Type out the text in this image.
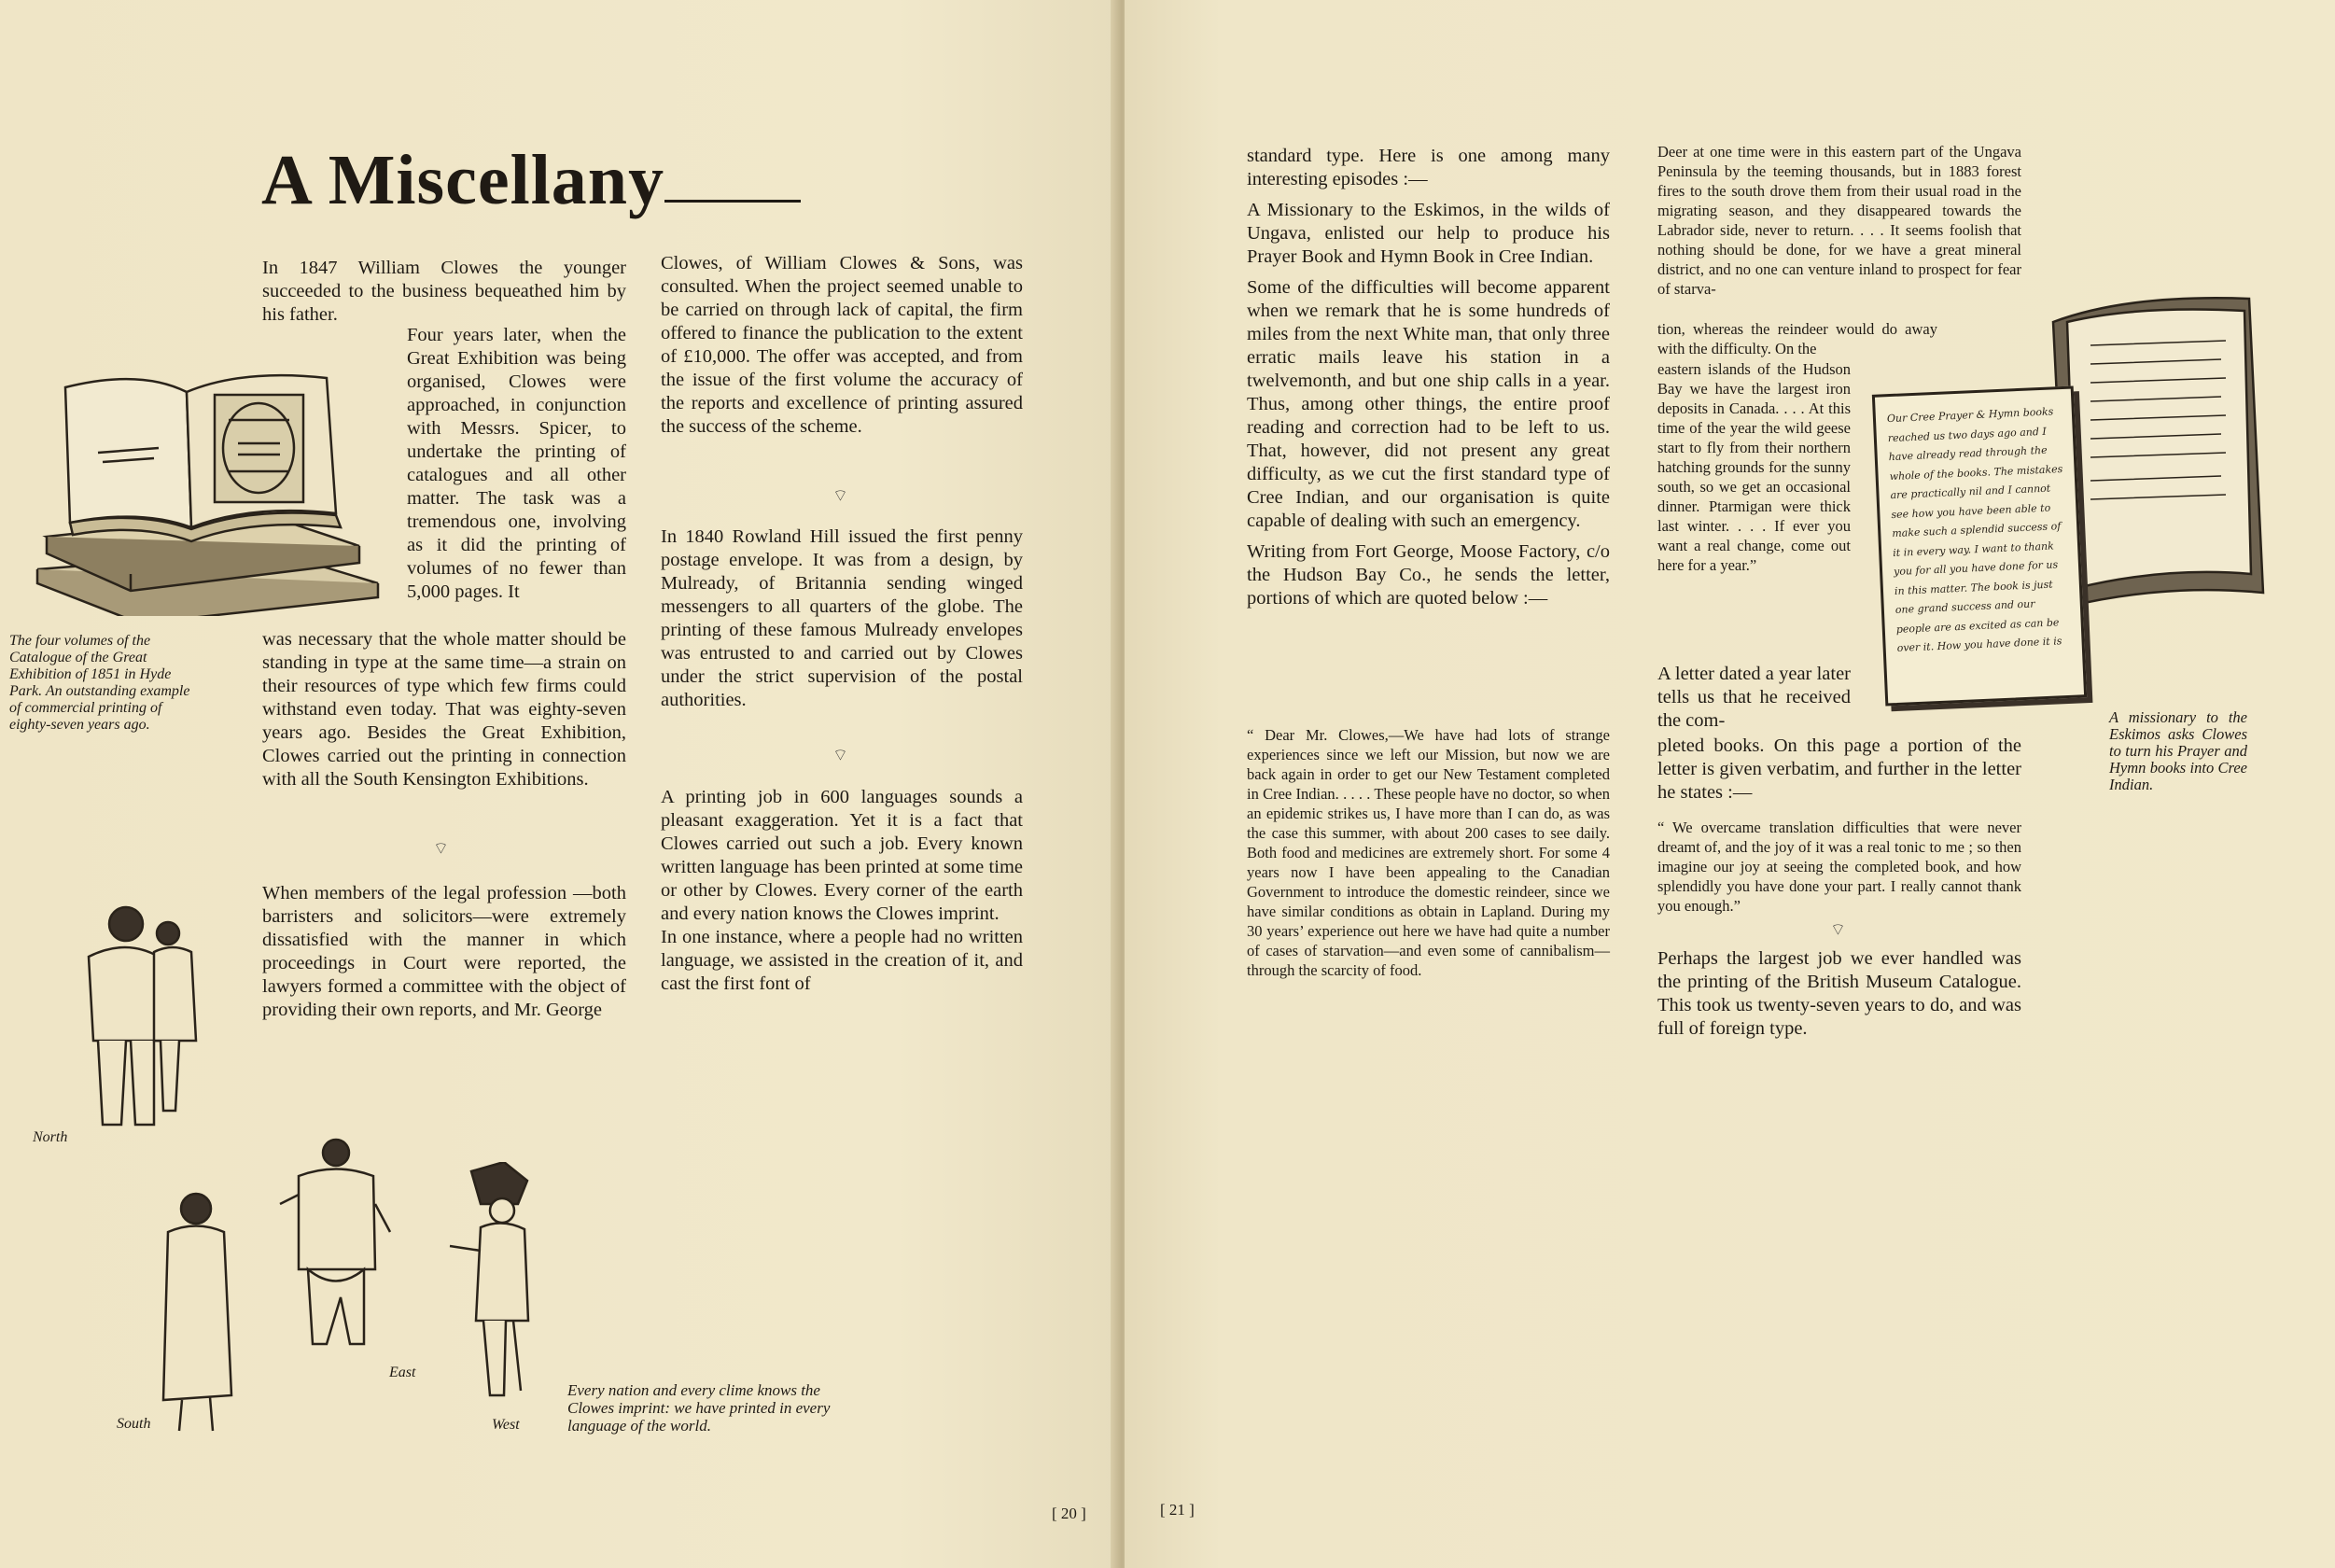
A Miscellany
The four volumes of the Catalogue of the Great Exhibition of 1851 in Hyde Park. An outstanding example of commercial printing of eighty-seven years ago.

In 1847 William Clowes the younger succeeded to the business bequeathed him by his father.

Four years later, when the Great Exhibition was being organised, Clowes were approached, in conjunction with Messrs. Spicer, to undertake the printing of catalogues and all other matter. The task was a tremendous one, involving as it did the printing of volumes of no fewer than 5,000 pages. It

was necessary that the whole matter should be standing in type at the same time—a strain on their resources of type which few firms could withstand even today. That was eighty-seven years ago. Besides the Great Exhibition, Clowes carried out the printing in connection with all the South Kensington Exhibitions.

⌔

When members of the legal profession —both barristers and solicitors—were extremely dissatisfied with the manner in which proceedings in Court were reported, the lawyers formed a committee with the object of providing their own reports, and Mr. George

Clowes, of William Clowes & Sons, was consulted. When the project seemed unable to be carried on through lack of capital, the firm offered to finance the publication to the extent of £10,000. The offer was accepted, and from the issue of the first volume the accuracy of the reports and excellence of printing assured the success of the scheme.

⌔

In 1840 Rowland Hill issued the first penny postage envelope. It was from a design, by Mulready, of Britannia sending winged messengers to all quarters of the globe. The printing of these famous Mulready envelopes was entrusted to and carried out by Clowes under the strict supervision of the postal authorities.

⌔

A printing job in 600 languages sounds a pleasant exaggeration. Yet it is a fact that Clowes carried out such a job. Every known written language has been printed at some time or other by Clowes. Every corner of the earth and every nation knows the Clowes imprint.

In one instance, where a people had no written language, we assisted in the creation of it, and cast the first font of

North
South
East
West
Every nation and every clime knows the Clowes imprint: we have printed in every language of the world.
[ 20 ]

standard type. Here is one among many interesting episodes :—

A Missionary to the Eskimos, in the wilds of Ungava, enlisted our help to produce his Prayer Book and Hymn Book in Cree Indian.

Some of the difficulties will become apparent when we remark that he is some hundreds of miles from the next White man, that only three erratic mails leave his station in a twelvemonth, and but one ship calls in a year. Thus, among other things, the entire proof reading and correction had to be left to us. That, however, did not present any great difficulty, as we cut the first standard type of Cree Indian, and our organisation is quite capable of dealing with such an emergency.

Writing from Fort George, Moose Factory, c/o the Hudson Bay Co., he sends the letter, portions of which are quoted below :—

“ Dear Mr. Clowes,—We have had lots of strange experiences since we left our Mission, but now we are back again in order to get our New Testament completed in Cree Indian. . . . . These people have no doctor, so when an epidemic strikes us, I have more than I can do, as was the case this summer, with about 200 cases to see daily. Both food and medicines are extremely short. For some 4 years now I have been appealing to the Canadian Government to introduce the domestic reindeer, since we have similar conditions as obtain in Lapland. During my 30 years’ experience out here we have had quite a number of cases of starvation—and even some of cannibalism—through the scarcity of food.

Deer at one time were in this eastern part of the Ungava Peninsula by the teeming thousands, but in 1883 forest fires to the south drove them from their usual road in the migrating season, and they disappeared towards the Labrador side, never to return. . . . It seems foolish that nothing should be done, for we have a great mineral district, and no one can venture inland to prospect for fear of starva-

tion, whereas the reindeer would do away with the difficulty. On the

eastern islands of the Hudson Bay we have the largest iron deposits in Canada. . . . At this time of the year the wild geese start to fly from their northern hatching grounds for the sunny south, so we get an occasional dinner. Ptarmigan were thick last winter. . . . If ever you want a real change, come out here for a year.”

A letter dated a year later tells us that he received the com-

pleted books. On this page a portion of the letter is given verbatim, and further in the letter he states :—

“ We overcame translation difficulties that were never dreamt of, and the joy of it was a real tonic to me ; so then imagine our joy at seeing the completed book, and how splendidly you have done your part. I really cannot thank you enough.”

⌔

Perhaps the largest job we ever handled was the printing of the British Museum Catalogue. This took us twenty-seven years to do, and was full of foreign type.

Our Cree Prayer & Hymn books reached us two days ago and I have already read through the whole of the books. The mistakes are practically nil and I cannot see how you have been able to make such a splendid success of it in every way. I want to thank you for all you have done for us in this matter. The book is just one grand success and our people are as excited as can be over it. How you have done it is
A missionary to the Eskimos asks Clowes to turn his Prayer and Hymn books into Cree Indian.
[ 21 ]
